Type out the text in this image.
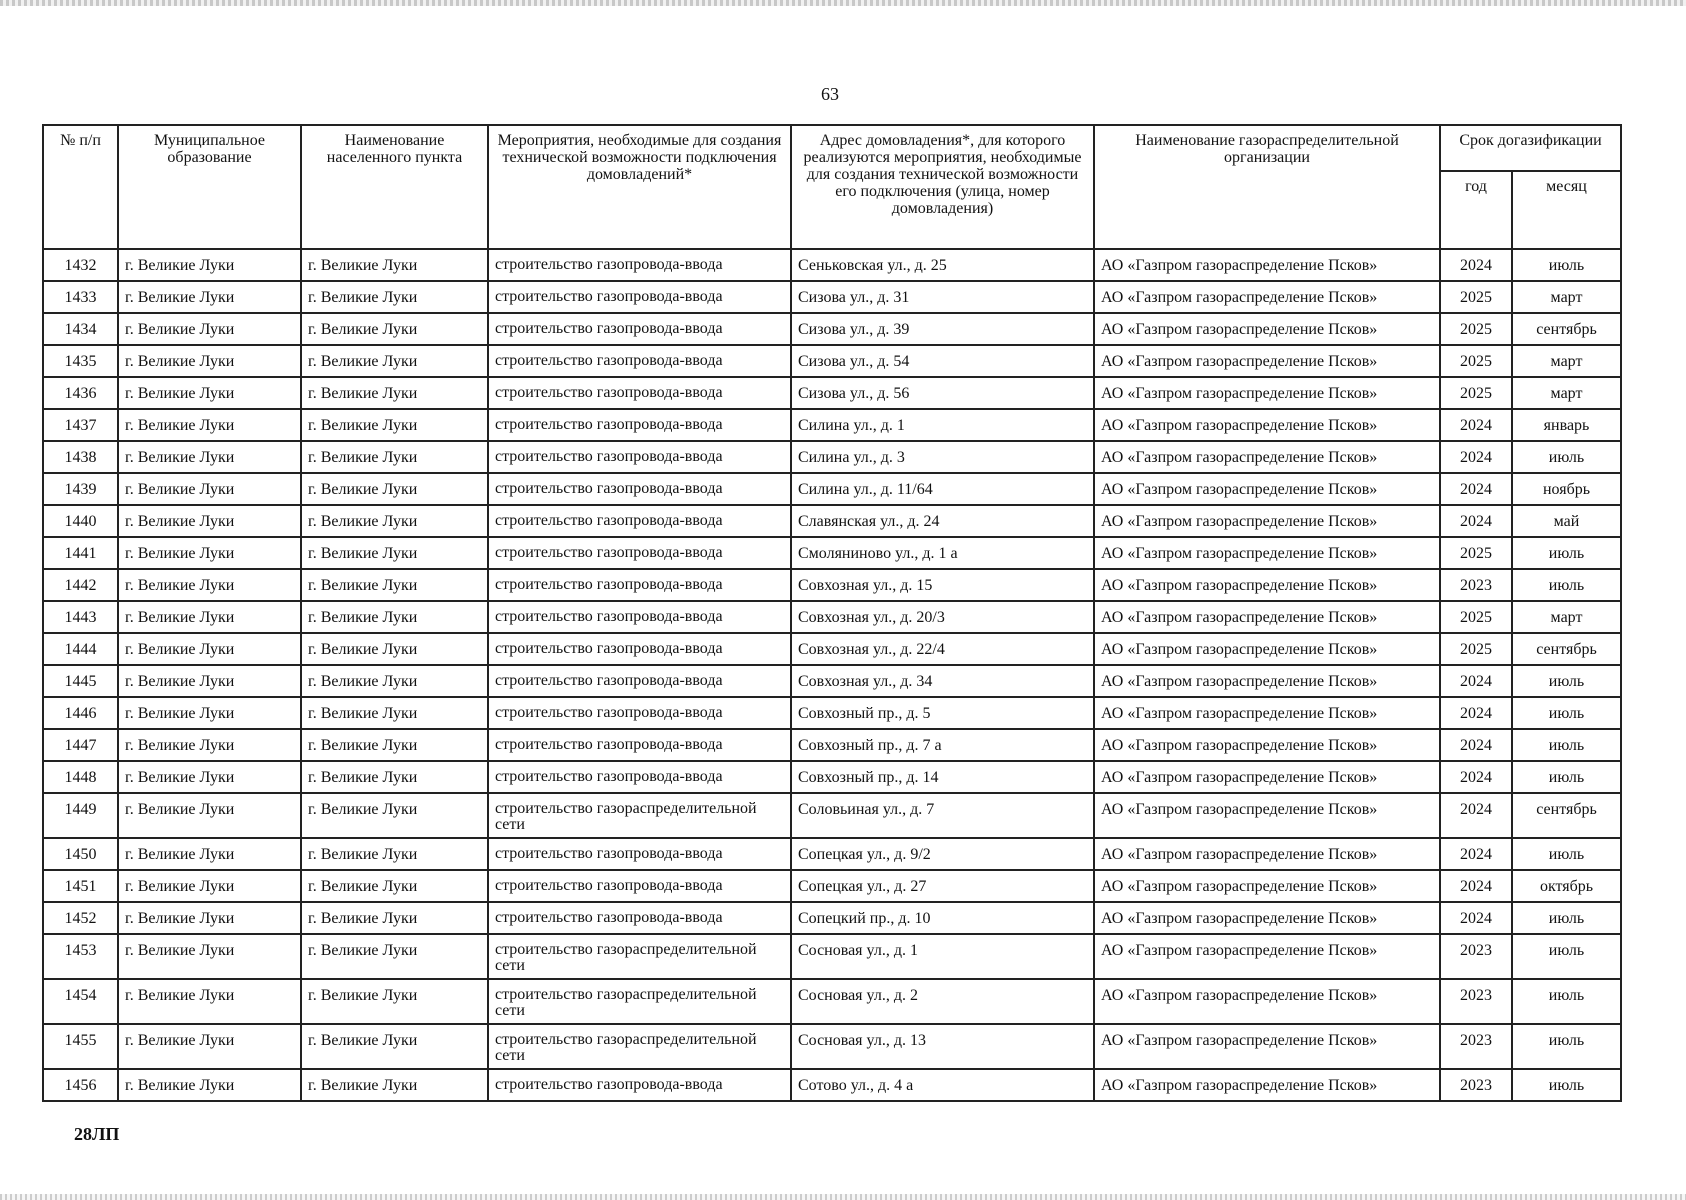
63
№ п/п	Муниципальное образование	Наименование населенного пункта	Мероприятия, необходимые для создания технической возможности подключения домовладений*	Адрес домовладения*, для которого реализуются мероприятия, необходимые для создания технической возможности его подключения (улица, номер домовладения)	Наименование газораспределительной организации	Срок догазификации	
						год	месяц
1432	г. Великие Луки	г. Великие Луки	строительство газопровода-ввода	Сеньковская ул., д. 25	АО «Газпром газораспределение Псков»	2024	июль
1433	г. Великие Луки	г. Великие Луки	строительство газопровода-ввода	Сизова ул., д. 31	АО «Газпром газораспределение Псков»	2025	март
1434	г. Великие Луки	г. Великие Луки	строительство газопровода-ввода	Сизова ул., д. 39	АО «Газпром газораспределение Псков»	2025	сентябрь
1435	г. Великие Луки	г. Великие Луки	строительство газопровода-ввода	Сизова ул., д. 54	АО «Газпром газораспределение Псков»	2025	март
1436	г. Великие Луки	г. Великие Луки	строительство газопровода-ввода	Сизова ул., д. 56	АО «Газпром газораспределение Псков»	2025	март
1437	г. Великие Луки	г. Великие Луки	строительство газопровода-ввода	Силина ул., д. 1	АО «Газпром газораспределение Псков»	2024	январь
1438	г. Великие Луки	г. Великие Луки	строительство газопровода-ввода	Силина ул., д. 3	АО «Газпром газораспределение Псков»	2024	июль
1439	г. Великие Луки	г. Великие Луки	строительство газопровода-ввода	Силина ул., д. 11/64	АО «Газпром газораспределение Псков»	2024	ноябрь
1440	г. Великие Луки	г. Великие Луки	строительство газопровода-ввода	Славянская ул., д. 24	АО «Газпром газораспределение Псков»	2024	май
1441	г. Великие Луки	г. Великие Луки	строительство газопровода-ввода	Смоляниново ул., д. 1 а	АО «Газпром газораспределение Псков»	2025	июль
1442	г. Великие Луки	г. Великие Луки	строительство газопровода-ввода	Совхозная ул., д. 15	АО «Газпром газораспределение Псков»	2023	июль
1443	г. Великие Луки	г. Великие Луки	строительство газопровода-ввода	Совхозная ул., д. 20/3	АО «Газпром газораспределение Псков»	2025	март
1444	г. Великие Луки	г. Великие Луки	строительство газопровода-ввода	Совхозная ул., д. 22/4	АО «Газпром газораспределение Псков»	2025	сентябрь
1445	г. Великие Луки	г. Великие Луки	строительство газопровода-ввода	Совхозная ул., д. 34	АО «Газпром газораспределение Псков»	2024	июль
1446	г. Великие Луки	г. Великие Луки	строительство газопровода-ввода	Совхозный пр., д. 5	АО «Газпром газораспределение Псков»	2024	июль
1447	г. Великие Луки	г. Великие Луки	строительство газопровода-ввода	Совхозный пр., д. 7 а	АО «Газпром газораспределение Псков»	2024	июль
1448	г. Великие Луки	г. Великие Луки	строительство газопровода-ввода	Совхозный пр., д. 14	АО «Газпром газораспределение Псков»	2024	июль
1449	г. Великие Луки	г. Великие Луки	строительство газораспределительной сети	Соловьиная ул., д. 7	АО «Газпром газораспределение Псков»	2024	сентябрь
1450	г. Великие Луки	г. Великие Луки	строительство газопровода-ввода	Сопецкая ул., д. 9/2	АО «Газпром газораспределение Псков»	2024	июль
1451	г. Великие Луки	г. Великие Луки	строительство газопровода-ввода	Сопецкая ул., д. 27	АО «Газпром газораспределение Псков»	2024	октябрь
1452	г. Великие Луки	г. Великие Луки	строительство газопровода-ввода	Сопецкий пр., д. 10	АО «Газпром газораспределение Псков»	2024	июль
1453	г. Великие Луки	г. Великие Луки	строительство газораспределительной сети	Сосновая ул., д. 1	АО «Газпром газораспределение Псков»	2023	июль
1454	г. Великие Луки	г. Великие Луки	строительство газораспределительной сети	Сосновая ул., д. 2	АО «Газпром газораспределение Псков»	2023	июль
1455	г. Великие Луки	г. Великие Луки	строительство газораспределительной сети	Сосновая ул., д. 13	АО «Газпром газораспределение Псков»	2023	июль
1456	г. Великие Луки	г. Великие Луки	строительство газопровода-ввода	Сотово ул., д. 4 а	АО «Газпром газораспределение Псков»	2023	июль
28ЛП
